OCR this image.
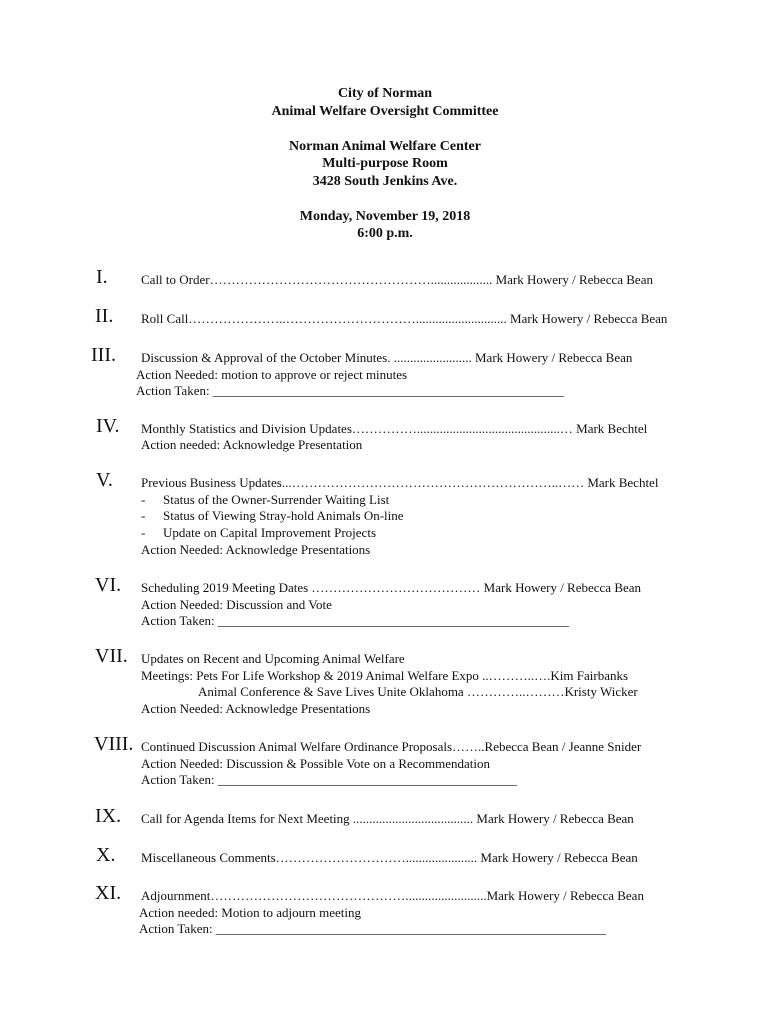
City of Norman
Animal Welfare Oversight Committee
Norman Animal Welfare Center
Multi-purpose Room
3428 South Jenkins Ave.
Monday, November 19, 2018
6:00 p.m.
I.	Call to Order……………………………………………................... Mark Howery / Rebecca Bean
II. Roll Call…………………..…………………………............................ Mark Howery / Rebecca Bean
III. Discussion & Approval of the October Minutes. ........................ Mark Howery / Rebecca Bean
Action Needed: motion to approve or reject minutes
Action Taken: ______________________________________________________
IV. Monthly Statistics and Division Updates……………............................................… Mark Bechtel
Action needed: Acknowledge Presentation
V. Previous Business Updates...……………………………………………………..…… Mark Bechtel
- Status of the Owner-Surrender Waiting List
- Status of Viewing Stray-hold Animals On-line
- Update on Capital Improvement Projects
Action Needed: Acknowledge Presentations
VI. Scheduling 2019 Meeting Dates ………………………………… Mark Howery / Rebecca Bean
Action Needed: Discussion and Vote
Action Taken: ______________________________________________________
VII. Updates on Recent and Upcoming Animal Welfare
Meetings: Pets For Life Workshop & 2019 Animal Welfare Expo ..………..….Kim Fairbanks
Animal Conference & Save Lives Unite Oklahoma …………..………Kristy Wicker
Action Needed: Acknowledge Presentations
VIII. Continued Discussion Animal Welfare Ordinance Proposals……..Rebecca Bean / Jeanne Snider
Action Needed: Discussion & Possible Vote on a Recommendation
Action Taken: ______________________________________________
IX. Call for Agenda Items for Next Meeting ..................................... Mark Howery / Rebecca Bean
X. Miscellaneous Comments…………………………...................... Mark Howery / Rebecca Bean
XI. Adjournment……………………………………….........................Mark Howery / Rebecca Bean
Action needed: Motion to adjourn meeting
Action Taken: ____________________________________________________________
